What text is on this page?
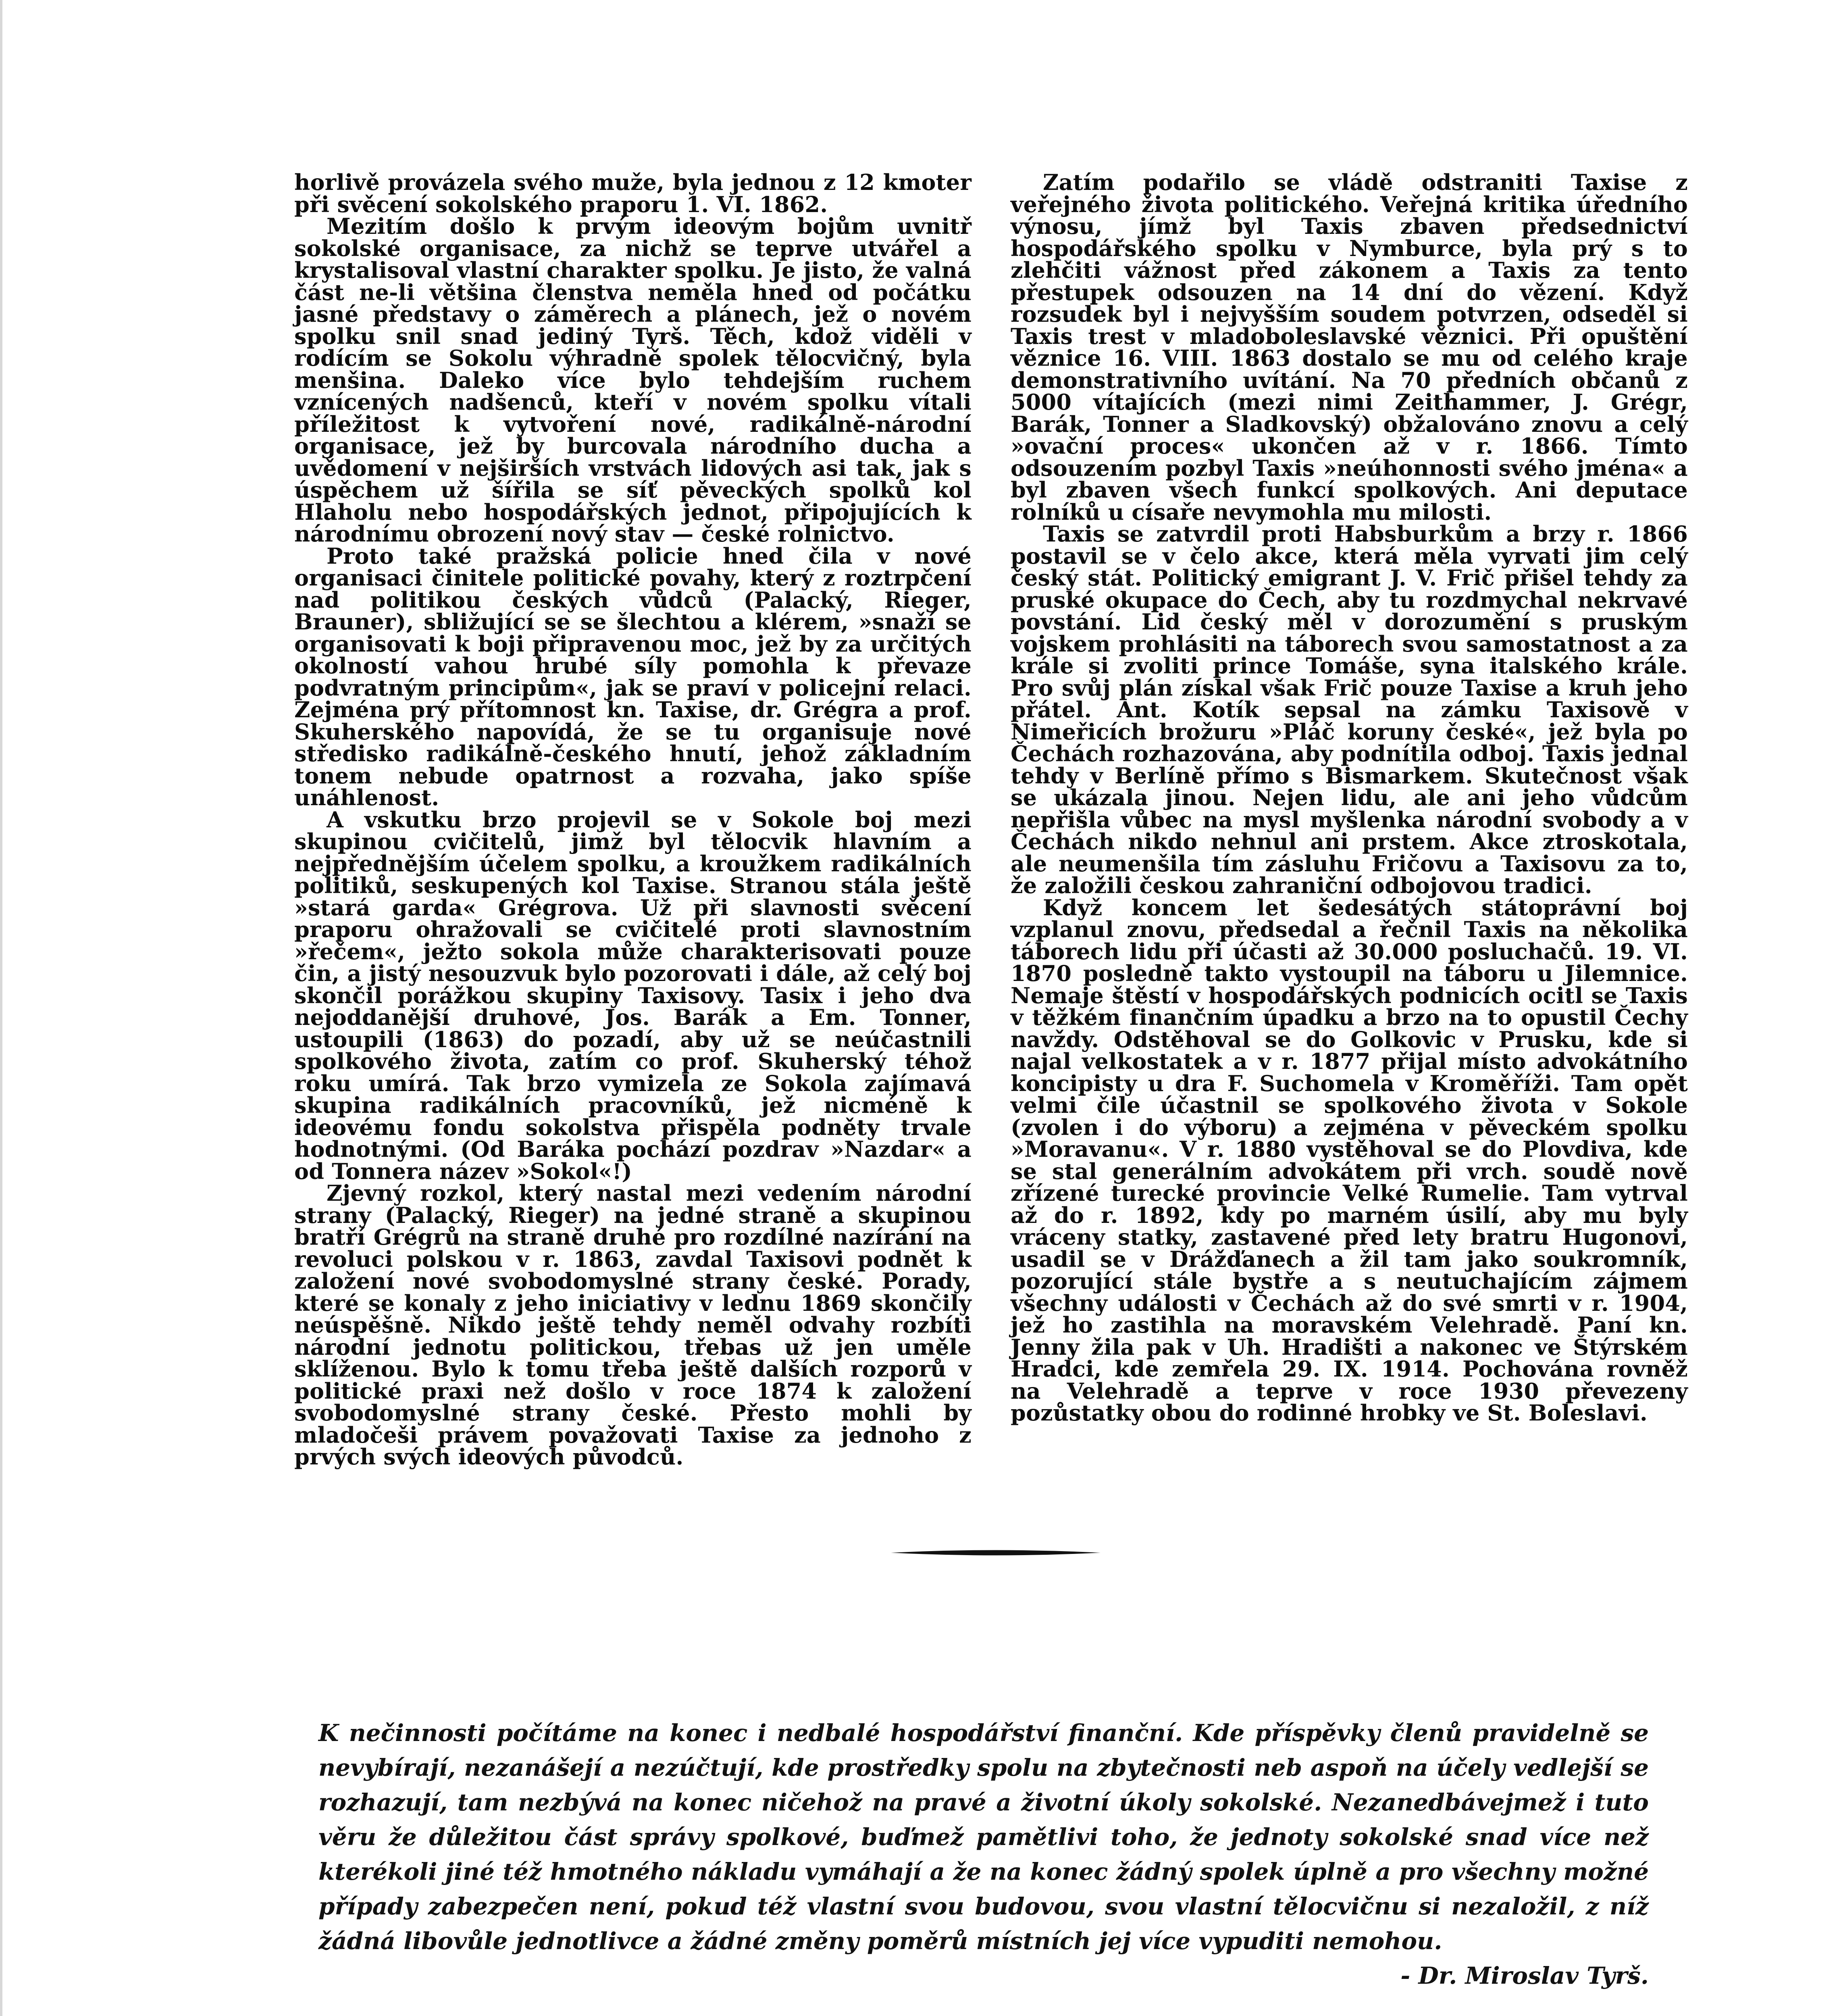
horlivě provázela svého muže, byla jednou z 12 kmoter při svěcení sokolského praporu 1. VI. 1862.

Mezitím došlo k prvým ideovým bojům uvnitř sokolské organisace, za nichž se teprve utvářel a krystalisoval vlastní charakter spolku. Je jisto, že valná část ne-li většina členstva neměla hned od počátku jasné představy o záměrech a plánech, jež o novém spolku snil snad jediný Tyrš. Těch, kdož viděli v rodícím se Sokolu výhradně spolek tělocvičný, byla menšina. Daleko více bylo tehdejším ruchem vznícených nadšenců, kteří v novém spolku vítali příležitost k vytvoření nové, radikálně-národní organisace, jež by burcovala národního ducha a uvědomení v nejširších vrstvách lidových asi tak, jak s úspěchem už šířila se síť pěveckých spolků kol Hlaholu nebo hospodářských jednot, připojujících k národnímu obrození nový stav — české rolnictvo.

Proto také pražská policie hned čila v nové organisaci činitele politické povahy, který z roztrpčení nad politikou českých vůdců (Palacký, Rieger, Brauner), sbližující se se šlechtou a klérem, »snaží se organisovati k boji připravenou moc, jež by za určitých okolností vahou hrubé síly pomohla k převaze podvratným principům«, jak se praví v policejní relaci. Zejména prý přítomnost kn. Taxise, dr. Grégra a prof. Skuherského napovídá, že se tu organisuje nové středisko radikálně-českého hnutí, jehož základním tonem nebude opatrnost a rozvaha, jako spíše unáhlenost.

A vskutku brzo projevil se v Sokole boj mezi skupinou cvičitelů, jimž byl tělocvik hlavním a nejpřednějším účelem spolku, a kroužkem radikálních politiků, seskupených kol Taxise. Stranou stála ještě »stará garda« Grégrova. Už při slavnosti svěcení praporu ohražovali se cvičitelé proti slavnostním »řečem«, ježto sokola může charakterisovati pouze čin, a jistý nesouzvuk bylo pozorovati i dále, až celý boj skončil porážkou skupiny Taxisovy. Tasix i jeho dva nejoddanější druhové, Jos. Barák a Em. Tonner, ustoupili (1863) do pozadí, aby už se neúčastnili spolkového života, zatím co prof. Skuherský téhož roku umírá. Tak brzo vymizela ze Sokola zajímavá skupina radikálních pracovníků, jež nicméně k ideovému fondu sokolstva přispěla podněty trvale hodnotnými. (Od Baráka pochází pozdrav »Nazdar« a od Tonnera název »Sokol«!)

Zjevný rozkol, který nastal mezi vedením národní strany (Palacký, Rieger) na jedné straně a skupinou bratří Grégrů na straně druhé pro rozdílné nazírání na revoluci polskou v r. 1863, zavdal Taxisovi podnět k založení nové svobodomyslné strany české. Porady, které se konaly z jeho iniciativy v lednu 1869 skončily neúspěšně. Nikdo ještě tehdy neměl odvahy rozbíti národní jednotu politickou, třebas už jen uměle sklíženou. Bylo k tomu třeba ještě dalších rozporů v politické praxi než došlo v roce 1874 k založení svobodomyslné strany české. Přesto mohli by mladočeši právem považovati Taxise za jednoho z prvých svých ideových původců.

Zatím podařilo se vládě odstraniti Taxise z veřejného života politického. Veřejná kritika úředního výnosu, jímž byl Taxis zbaven předsednictví hospodářského spolku v Nymburce, byla prý s to zlehčiti vážnost před zákonem a Taxis za tento přestupek odsouzen na 14 dní do vězení. Když rozsudek byl i nejvyšším soudem potvrzen, odseděl si Taxis trest v mladoboleslavské věznici. Při opuštění věznice 16. VIII. 1863 dostalo se mu od celého kraje demonstrativního uvítání. Na 70 předních občanů z 5000 vítajících (mezi nimi Zeithammer, J. Grégr, Barák, Tonner a Sladkovský) obžalováno znovu a celý »ovační proces« ukončen až v r. 1866. Tímto odsouzením pozbyl Taxis »neúhonnosti svého jména« a byl zbaven všech funkcí spolkových. Ani deputace rolníků u císaře nevymohla mu milosti.

Taxis se zatvrdil proti Habsburkům a brzy r. 1866 postavil se v čelo akce, která měla vyrvati jim celý český stát. Politický emigrant J. V. Frič přišel tehdy za pruské okupace do Čech, aby tu rozdmychal nekrvavé povstání. Lid český měl v dorozumění s pruským vojskem prohlásiti na táborech svou samostatnost a za krále si zvoliti prince Tomáše, syna italského krále. Pro svůj plán získal však Frič pouze Taxise a kruh jeho přátel. Ant. Kotík sepsal na zámku Taxisově v Nimeřicích brožuru »Pláč koruny české«, jež byla po Čechách rozhazována, aby podnítila odboj. Taxis jednal tehdy v Berlíně přímo s Bismarkem. Skutečnost však se ukázala jinou. Nejen lidu, ale ani jeho vůdcům nepřišla vůbec na mysl myšlenka národní svobody a v Čechách nikdo nehnul ani prstem. Akce ztroskotala, ale neumenšila tím zásluhu Fričovu a Taxisovu za to, že založili českou zahraniční odbojovou tradici.

Když koncem let šedesátých státoprávní boj vzplanul znovu, předsedal a řečnil Taxis na několika táborech lidu při účasti až 30.000 posluchačů. 19. VI. 1870 posledně takto vystoupil na táboru u Jilemnice. Nemaje štěstí v hospodářských podnicích ocitl se Taxis v těžkém finančním úpadku a brzo na to opustil Čechy navždy. Odstěhoval se do Golkovic v Prusku, kde si najal velkostatek a v r. 1877 přijal místo advokátního koncipisty u dra F. Suchomela v Kroměříži. Tam opět velmi čile účastnil se spolkového života v Sokole (zvolen i do výboru) a zejména v pěveckém spolku »Moravanu«. V r. 1880 vystěhoval se do Plovdiva, kde se stal generálním advokátem při vrch. soudě nově zřízené turecké provincie Velké Rumelie. Tam vytrval až do r. 1892, kdy po marném úsilí, aby mu byly vráceny statky, zastavené před lety bratru Hugonovi, usadil se v Drážďanech a žil tam jako soukromník, pozorující stále bystře a s neutuchajícím zájmem všechny události v Čechách až do své smrti v r. 1904, jež ho zastihla na moravském Velehradě. Paní kn. Jenny žila pak v Uh. Hradišti a nakonec ve Štýrském Hradci, kde zemřela 29. IX. 1914. Pochována rovněž na Velehradě a teprve v roce 1930 převezeny pozůstatky obou do rodinné hrobky ve St. Boleslavi.

K nečinnosti počítáme na konec i nedbalé hospodářství finanční. Kde příspěvky členů pravidelně se nevybírají, nezanášejí a nezúčtují, kde prostředky spolu na zbytečnosti neb aspoň na účely vedlejší se rozhazují, tam nezbývá na konec ničehož na pravé a životní úkoly sokolské. Nezanedbávejmež i tuto věru že důležitou část správy spolkové, buďmež pamětlivi toho, že jednoty sokolské snad více než kterékoli jiné též hmotného nákladu vymáhají a že na konec žádný spolek úplně a pro všechny možné případy zabezpečen není, pokud též vlastní svou budovou, svou vlastní tělocvičnu si nezaložil, z níž žádná libovůle jednotlivce a žádné změny poměrů místních jej více vypuditi nemohou.
- Dr. Miroslav Tyrš.
